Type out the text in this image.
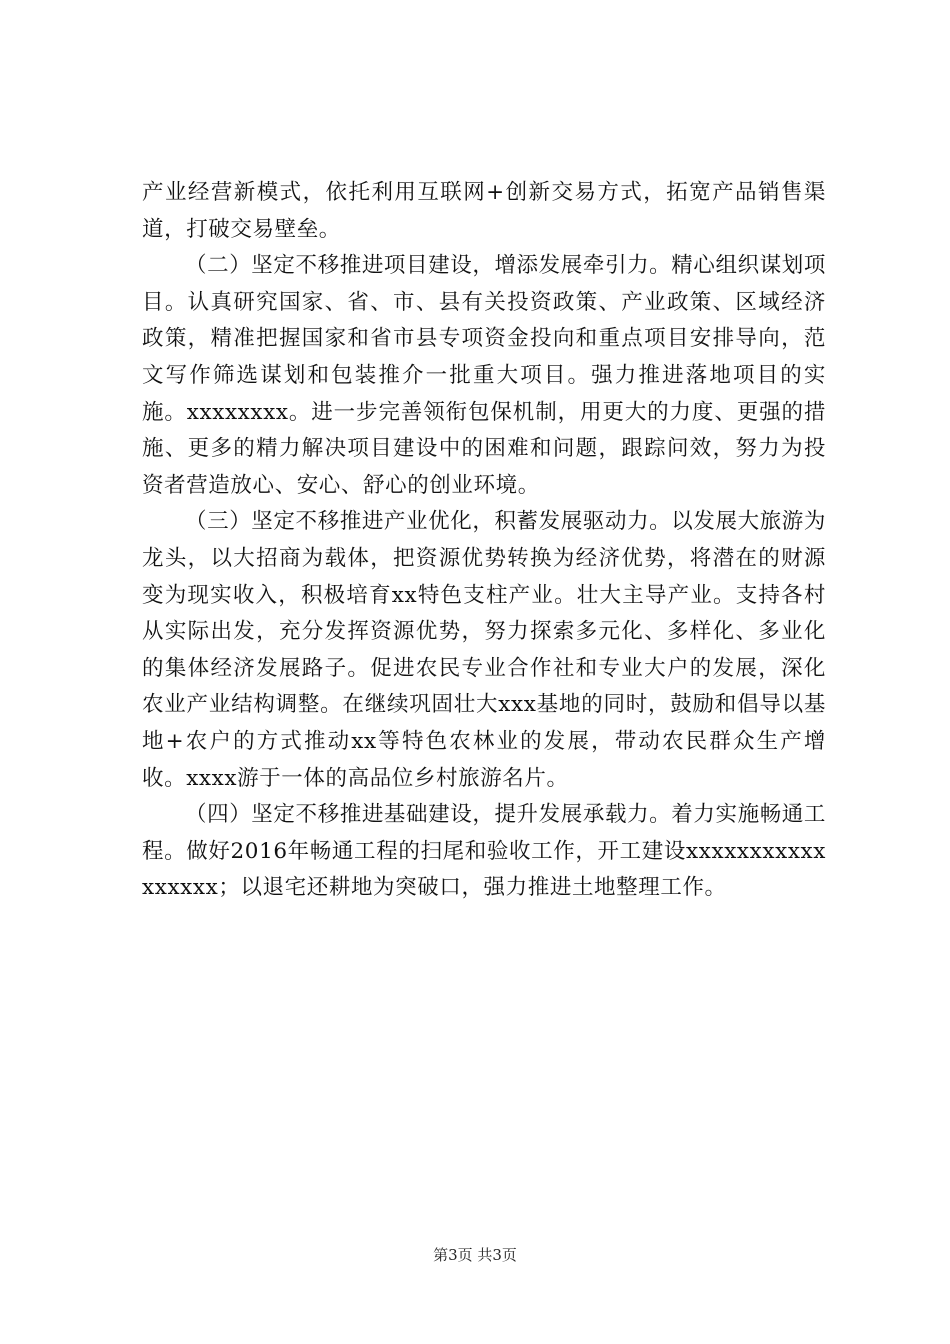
产业经营新模式，依托利用互联网+创新交易方式，拓宽产品销售渠道，打破交易壁垒。

（二）坚定不移推进项目建设，增添发展牵引力。精心组织谋划项目。认真研究国家、省、市、县有关投资政策、产业政策、区域经济政策，精准把握国家和省市县专项资金投向和重点项目安排导向，范文写作筛选谋划和包装推介一批重大项目。强力推进落地项目的实施。xxxxxxxx。进一步完善领衔包保机制，用更大的力度、更强的措施、更多的精力解决项目建设中的困难和问题，跟踪问效，努力为投资者营造放心、安心、舒心的创业环境。

（三）坚定不移推进产业优化，积蓄发展驱动力。以发展大旅游为龙头，以大招商为载体，把资源优势转换为经济优势，将潜在的财源变为现实收入，积极培育xx特色支柱产业。壮大主导产业。支持各村从实际出发，充分发挥资源优势，努力探索多元化、多样化、多业化的集体经济发展路子。促进农民专业合作社和专业大户的发展，深化农业产业结构调整。在继续巩固壮大xxx基地的同时，鼓励和倡导以基地+农户的方式推动xx等特色农林业的发展，带动农民群众生产增收。xxxx游于一体的高品位乡村旅游名片。

（四）坚定不移推进基础建设，提升发展承载力。着力实施畅通工程。做好2016年畅通工程的扫尾和验收工作，开工建设xxxxxxxxxxxxxxxxx；以退宅还耕地为突破口，强力推进土地整理工作。

第3页 共3页
